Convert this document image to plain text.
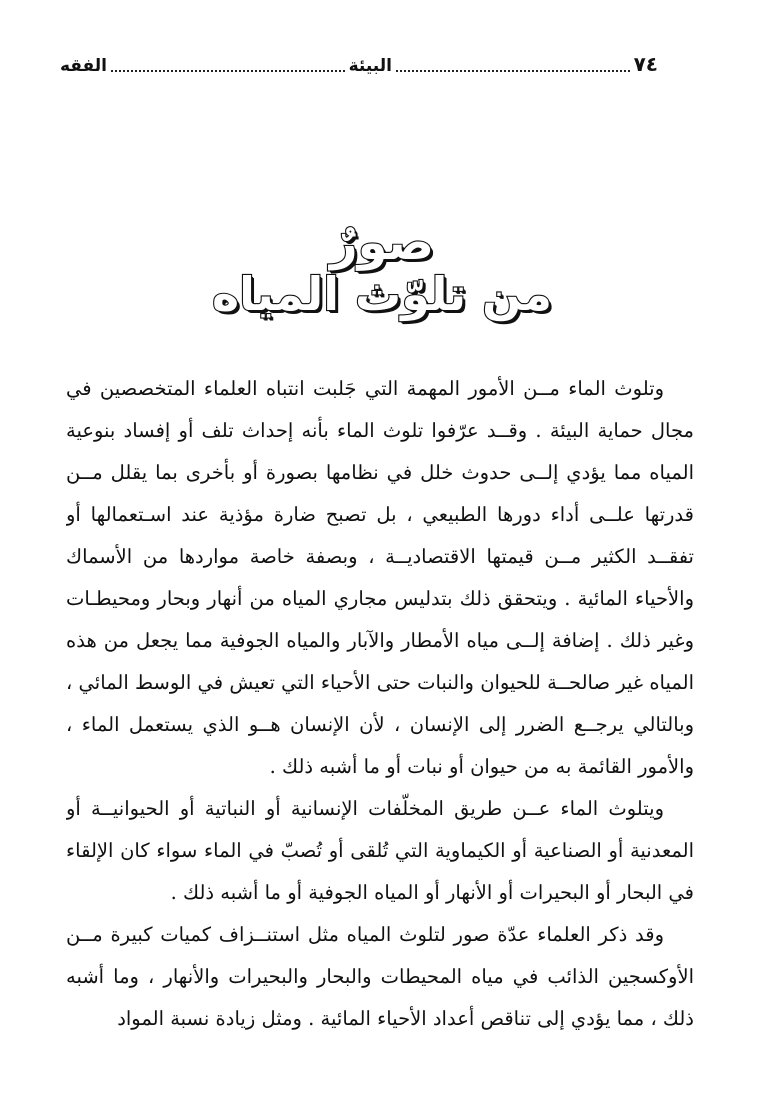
٧٤
البيئة
الفقه
صورٌ
من تلوّث المياه

وتلوث الماء مــن الأمور المهمة التي جَلبت انتباه العلماء المتخصصين في مجال حماية البيئة . وقــد عرّفوا تلوث الماء بأنه إحداث تلف أو إفساد بنوعية المياه مما يؤدي إلــى حدوث خلل في نظامها بصورة أو بأخرى بما يقلل مــن قدرتها علــى أداء دورها الطبيعي ، بل تصبح ضارة مؤذية عند اسـتعمالها أو تفقــد الكثير مــن قيمتها الاقتصاديــة ، وبصفة خاصة مواردها من الأسماك والأحياء المائية . ويتحقق ذلك بتدليس مجاري المياه من أنهار وبحار ومحيطـات وغير ذلك . إضافة إلــى مياه الأمطار والآبار والمياه الجوفية مما يجعل من هذه المياه غير صالحــة للحيوان والنبات حتى الأحياء التي تعيش في الوسط المائي ، وبالتالي يرجــع الضرر إلى الإنسان ، لأن الإنسان هــو الذي يستعمل الماء ، والأمور القائمة به من حيوان أو نبات أو ما أشبه ذلك .

ويتلوث الماء عــن طريق المخلّفات الإنسانية أو النباتية أو الحيوانيــة أو المعدنية أو الصناعية أو الكيماوية التي تُلقى أو تُصبّ في الماء سواء كان الإلقاء في البحار أو البحيرات أو الأنهار أو المياه الجوفية أو ما أشبه ذلك .

وقد ذكر العلماء عدّة صور لتلوث المياه مثل استنــزاف كميات كبيرة مــن الأوكسجين الذائب في مياه المحيطات والبحار والبحيرات والأنهار ، وما أشبه ذلك ، مما يؤدي إلى تناقص أعداد الأحياء المائية . ومثل زيادة نسبة المواد
